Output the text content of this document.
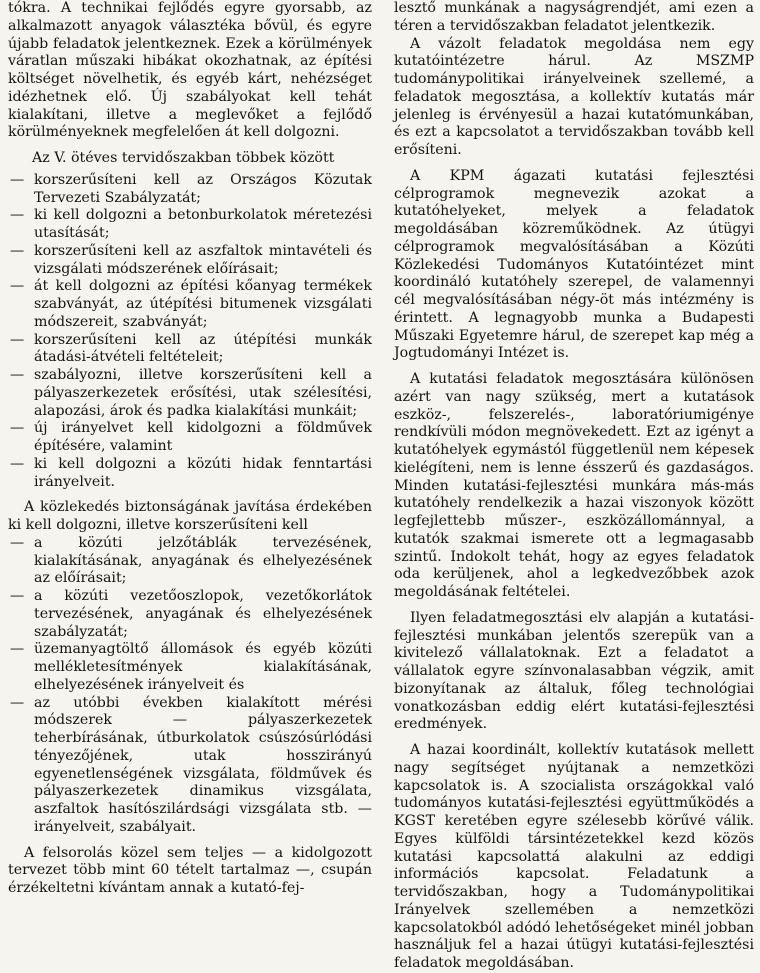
tókra. A technikai fejlődés egyre gyorsabb, az alkalmazott anyagok választéka bővül, és egyre újabb feladatok jelentkeznek. Ezek a körülmények váratlan műszaki hibákat okozhatnak, az építési költséget növelhetik, és egyéb kárt, nehézséget idézhetnek elő. Új szabályokat kell tehát kialakítani, illetve a meglevőket a fejlődő körülményeknek megfelelően át kell dolgozni.

Az V. ötéves tervidőszakban többek között

— korszerűsíteni kell az Országos Közutak Tervezeti Szabályzatát;
— ki kell dolgozni a betonburkolatok méretezési utasítását;
— korszerűsíteni kell az aszfaltok mintavételi és vizsgálati módszerének előírásait;
— át kell dolgozni az építési kőanyag termékek szabványát, az útépítési bitumenek vizsgálati módszereit, szabványát;
— korszerűsíteni kell az útépítési munkák átadási-átvételi feltételeit;
— szabályozni, illetve korszerűsíteni kell a pályaszerkezetek erősítési, utak szélesítési, alapozási, árok és padka kialakítási munkáit;
— új irányelvet kell kidolgozni a földművek építésére, valamint
— ki kell dolgozni a közúti hidak fenntartási irányelveit.

A közlekedés biztonságának javítása érdekében ki kell dolgozni, illetve korszerűsíteni kell

— a közúti jelzőtáblák tervezésének, kialakításának, anyagának és elhelyezésének az előírásait;
— a közúti vezetőoszlopok, vezetőkorlátok tervezésének, anyagának és elhelyezésének szabályzatát;
— üzemanyagtöltő állomások és egyéb közúti mellékletesítmények kialakításának, elhelyezésének irányelveit és
— az utóbbi években kialakított mérési módszerek — pályaszerkezetek teherbírásának, útburkolatok csúszósúrlódási tényezőjének, utak hosszirányú egyenetlenségének vizsgálata, földművek és pályaszerkezetek dinamikus vizsgálata, aszfaltok hasítószilárdsági vizsgálata stb. — irányelveit, szabályait.

A felsorolás közel sem teljes — a kidolgozott tervezet több mint 60 tételt tartalmaz —, csupán érzékeltetni kívántam annak a kutató-fej-

lesztő munkának a nagyságrendjét, ami ezen a téren a tervidőszakban feladatot jelentkezik.

A vázolt feladatok megoldása nem egy kutatóintézetre hárul. Az MSZMP tudománypolitikai irányelveinek szellemé, a feladatok megosztása, a kollektív kutatás már jelenleg is érvényesül a hazai kutatómunkában, és ezt a kapcsolatot a tervidőszakban tovább kell erősíteni.

A KPM ágazati kutatási fejlesztési célprogramok megnevezik azokat a kutatóhelyeket, melyek a feladatok megoldásában közreműködnek. Az útügyi célprogramok megvalósításában a Közúti Közlekedési Tudományos Kutatóintézet mint koordináló kutatóhely szerepel, de valamennyi cél megvalósításában négy-öt más intézmény is érintett. A legnagyobb munka a Budapesti Műszaki Egyetemre hárul, de szerepet kap még a Jogtudományi Intézet is.

A kutatási feladatok megosztására különösen azért van nagy szükség, mert a kutatások eszköz-, felszerelés-, laboratóriumigénye rendkívüli módon megnövekedett. Ezt az igényt a kutatóhelyek egymástól függetlenül nem képesek kielégíteni, nem is lenne ésszerű és gazdaságos. Minden kutatási-fejlesztési munkára más-más kutatóhely rendelkezik a hazai viszonyok között legfejlettebb műszer-, eszközállománnyal, a kutatók szakmai ismerete ott a legmagasabb szintű. Indokolt tehát, hogy az egyes feladatok oda kerüljenek, ahol a legkedvezőbbek azok megoldásának feltételei.

Ilyen feladatmegosztási elv alapján a kutatási-fejlesztési munkában jelentős szerepük van a kivitelező vállalatoknak. Ezt a feladatot a vállalatok egyre színvonalasabban végzik, amit bizonyítanak az általuk, főleg technológiai vonatkozásban eddig elért kutatási-fejlesztési eredmények.

A hazai koordinált, kollektív kutatások mellett nagy segítséget nyújtanak a nemzetközi kapcsolatok is. A szocialista országokkal való tudományos kutatási-fejlesztési együttműködés a KGST keretében egyre szélesebb körűvé válik. Egyes külföldi társintézetekkel kezd közös kutatási kapcsolattá alakulni az eddigi információs kapcsolat. Feladatunk a tervidőszakban, hogy a Tudománypolitikai Irányelvek szellemében a nemzetközi kapcsolatokból adódó lehetőségeket minél jobban használjuk fel a hazai útügyi kutatási-fejlesztési feladatok megoldásában.
